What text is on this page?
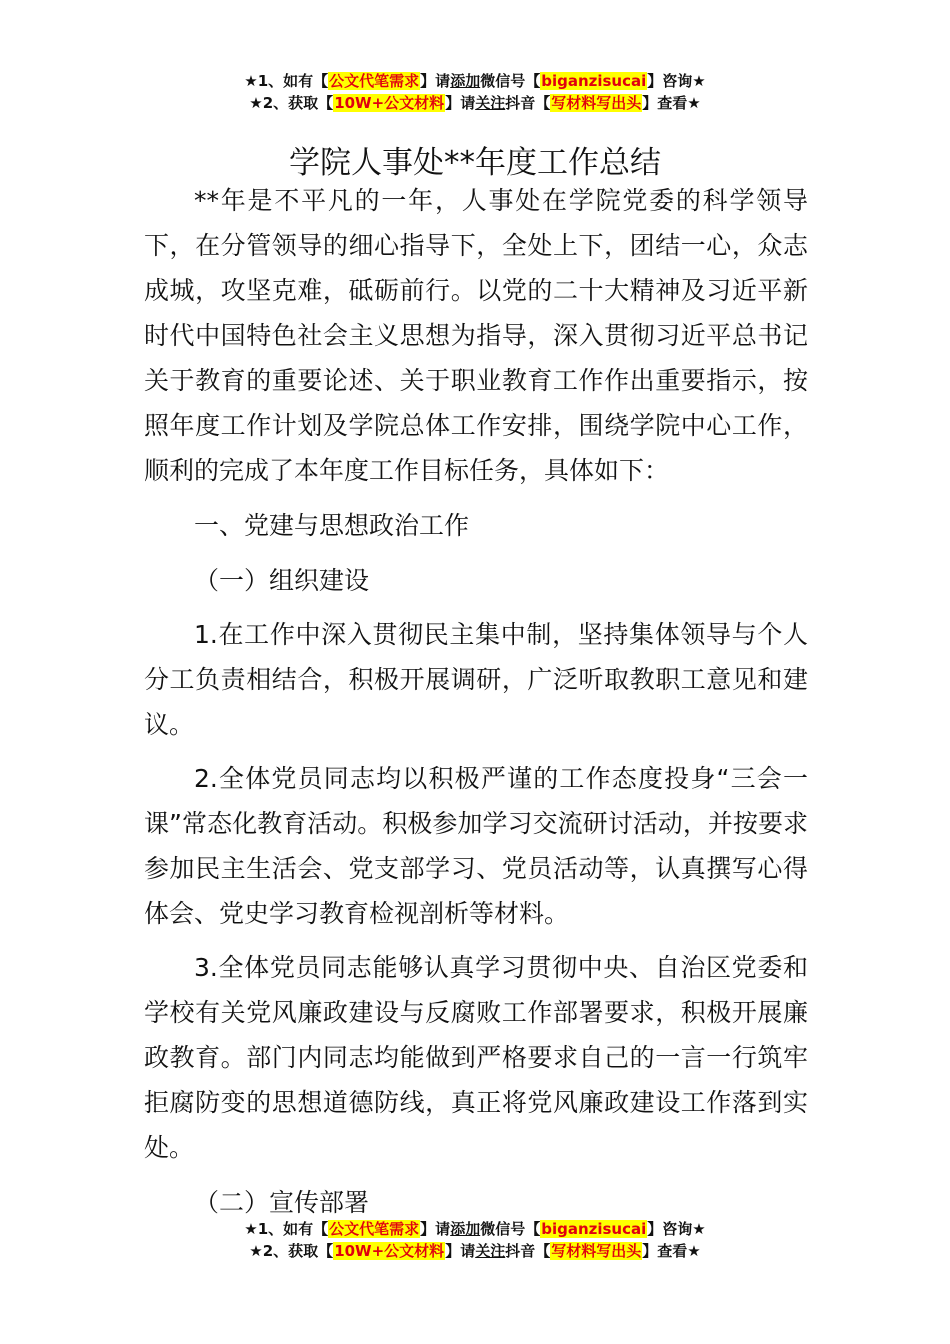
★1、如有【公文代笔需求】请添加微信号【biganzisucai】咨询★
★2、获取【10W+公文材料】请关注抖音【写材料写出头】查看★
学院人事处**年度工作总结

**年是不平凡的一年，人事处在学院党委的科学领导下，在分管领导的细心指导下，全处上下，团结一心，众志成城，攻坚克难，砥砺前行。以党的二十大精神及习近平新时代中国特色社会主义思想为指导，深入贯彻习近平总书记关于教育的重要论述、关于职业教育工作作出重要指示，按照年度工作计划及学院总体工作安排，围绕学院中心工作，顺利的完成了本年度工作目标任务，具体如下：

一、党建与思想政治工作

（一）组织建设

1.在工作中深入贯彻民主集中制，坚持集体领导与个人分工负责相结合，积极开展调研，广泛听取教职工意见和建议。

2.全体党员同志均以积极严谨的工作态度投身“三会一课”常态化教育活动。积极参加学习交流研讨活动，并按要求参加民主生活会、党支部学习、党员活动等，认真撰写心得体会、党史学习教育检视剖析等材料。

3.全体党员同志能够认真学习贯彻中央、自治区党委和学校有关党风廉政建设与反腐败工作部署要求，积极开展廉政教育。部门内同志均能做到严格要求自己的一言一行筑牢拒腐防变的思想道德防线，真正将党风廉政建设工作落到实处。

（二）宣传部署

★1、如有【公文代笔需求】请添加微信号【biganzisucai】咨询★
★2、获取【10W+公文材料】请关注抖音【写材料写出头】查看★
